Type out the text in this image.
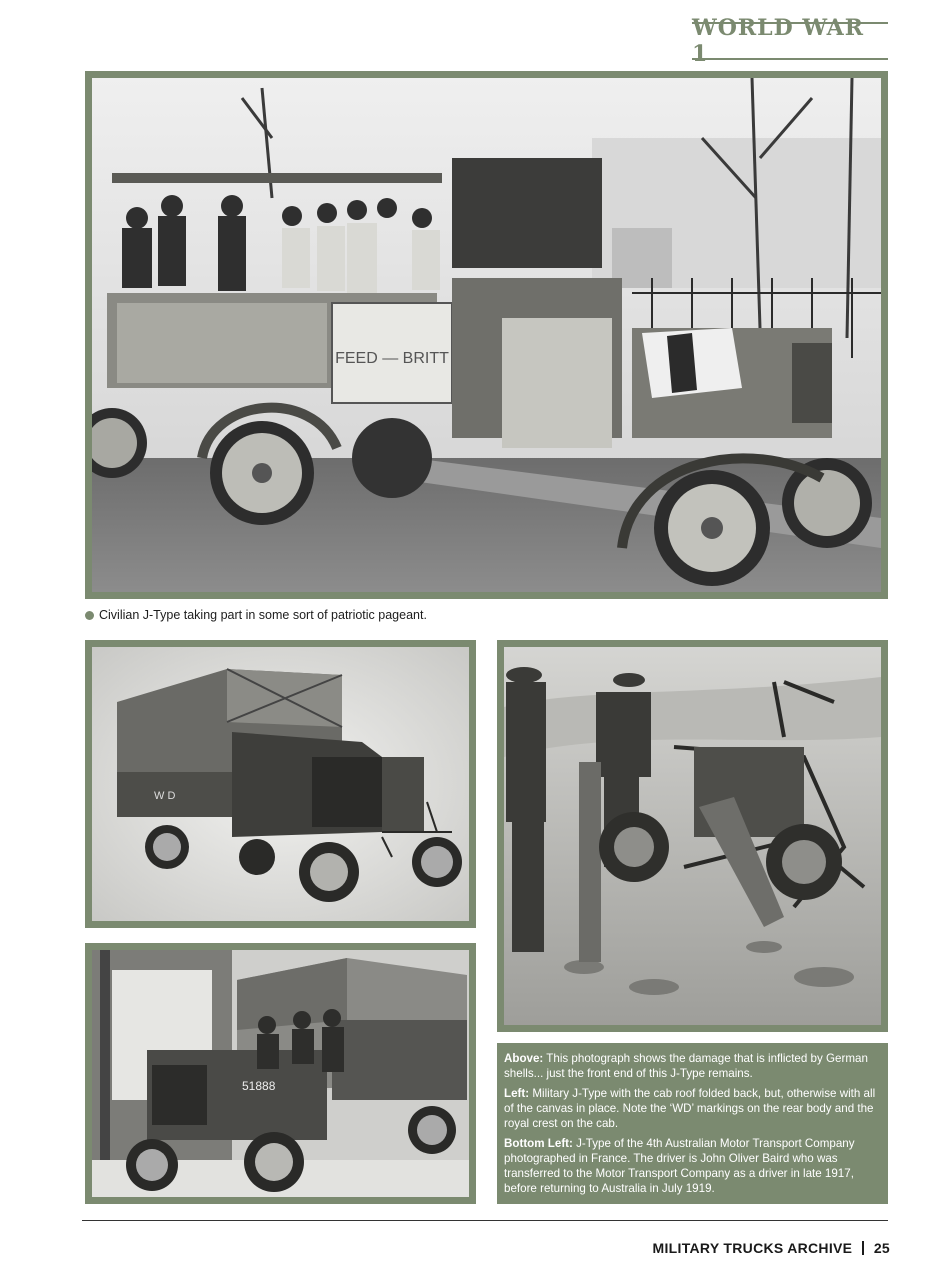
WORLD WAR 1
FEED — BRITT
Civilian J-Type taking part in some sort of patriotic pageant.
W D
51888

Above: This photograph shows the damage that is inflicted by German shells... just the front end of this J-Type remains.

Left: Military J-Type with the cab roof folded back, but, otherwise with all of the canvas in place. Note the ‘WD’ markings on the rear body and the royal crest on the cab.

Bottom Left: J-Type of the 4th Australian Motor Transport Company photographed in France. The driver is John Oliver Baird who was transferred to the Motor Transport Company as a driver in late 1917, before returning to Australia in July 1919.

MILITARY TRUCKS ARCHIVE 25
